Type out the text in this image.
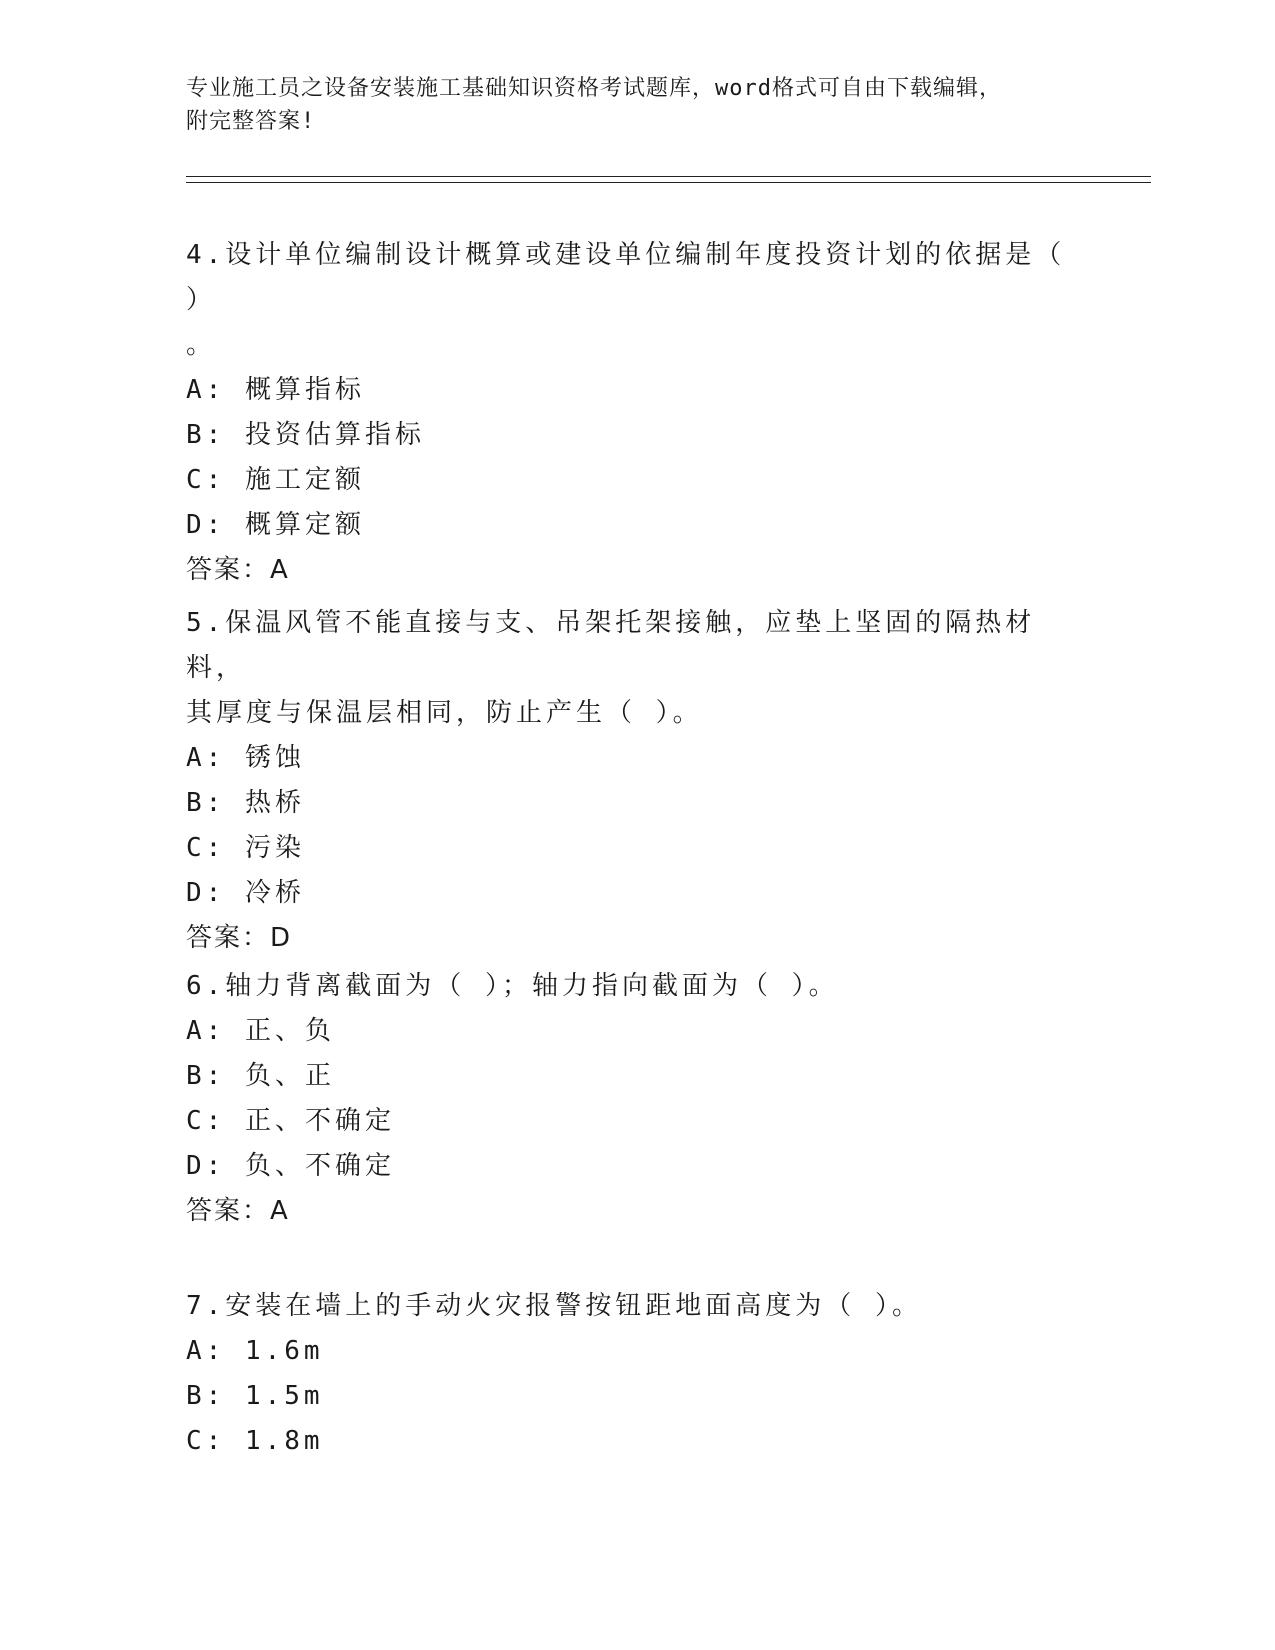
专业施工员之设备安装施工基础知识资格考试题库，word格式可自由下载编辑，
附完整答案!

4.设计单位编制设计概算或建设单位编制年度投资计划的依据是（ ）
。

A: 概算指标
B: 投资估算指标
C: 施工定额
D: 概算定额
答案：A

5.保温风管不能直接与支、吊架托架接触，应垫上坚固的隔热材料，
其厚度与保温层相同，防止产生（ ）。

A: 锈蚀
B: 热桥
C: 污染
D: 冷桥
答案：D

6.轴力背离截面为（ ）；轴力指向截面为（ ）。

A: 正、负
B: 负、正
C: 正、不确定
D: 负、不确定
答案：A

7.安装在墙上的手动火灾报警按钮距地面高度为（ ）。

A: 1.6m
B: 1.5m
C: 1.8m
